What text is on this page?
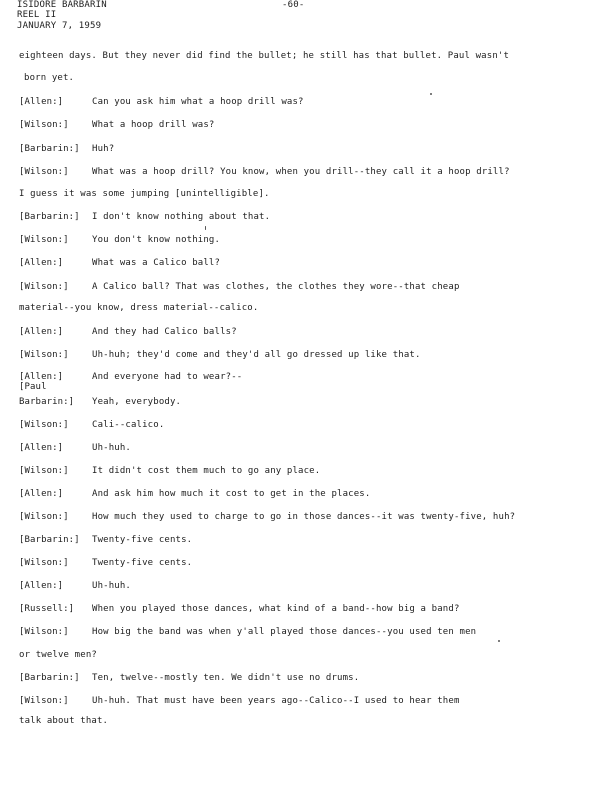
ISIDORE BARBARIN
REEL II
JANUARY 7, 1959
-60-
eighteen days. But they never did find the bullet; he still has that bullet. Paul wasn't
born yet.
[Allen:]	Can you ask him what a hoop drill was?
[Wilson:]	What a hoop drill was?
[Barbarin:] Huh?
[Wilson:]	What was a hoop drill? You know, when you drill--they call it a hoop drill?
I guess it was some jumping [unintelligible].
[Barbarin:] I don't know nothing about that.
[Wilson:]	You don't know nothing.
[Allen:]	What was a Calico ball?
[Wilson:]	A Calico ball? That was clothes, the clothes they wore--that cheap
material--you know, dress material--calico.
[Allen:]	And they had Calico balls?
[Wilson:]	Uh-huh; they'd come and they'd all go dressed up like that.
[Allen:]	And everyone had to wear?--
[Paul
Barbarin:] Yeah, everybody.
[Wilson:]	Cali--calico.
[Allen:]	Uh-huh.
[Wilson:]	It didn't cost them much to go any place.
[Allen:]	And ask him how much it cost to get in the places.
[Wilson:]	How much they used to charge to go in those dances--it was twenty-five, huh?
[Barbarin:] Twenty-five cents.
[Wilson:]	Twenty-five cents.
[Allen:]	Uh-huh.
[Russell:] When you played those dances, what kind of a band--how big a band?
[Wilson:]	How big the band was when y'all played those dances--you used ten men
or twelve men?
[Barbarin:] Ten, twelve--mostly ten. We didn't use no drums.
[Wilson:]	Uh-huh. That must have been years ago--Calico--I used to hear them
talk about that.
